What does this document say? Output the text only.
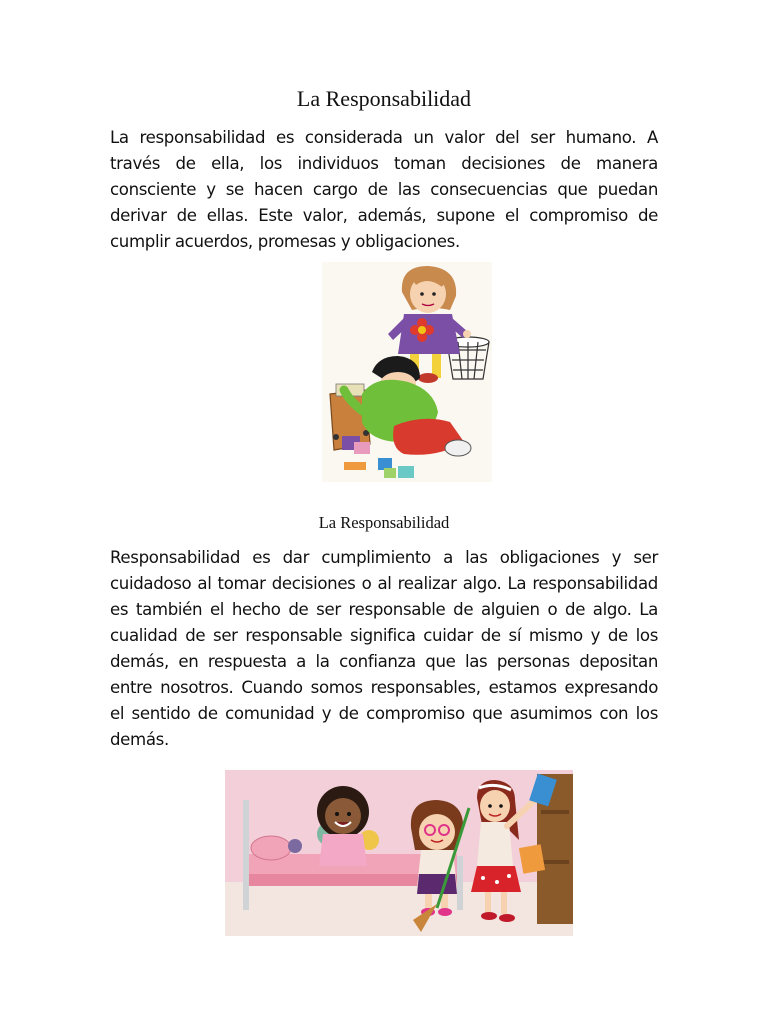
La Responsabilidad

La responsabilidad es considerada un valor del ser humano. A través de ella, los individuos toman decisiones de manera consciente y se hacen cargo de las consecuencias que puedan derivar de ellas. Este valor, además, supone el compromiso de cumplir acuerdos, promesas y obligaciones.

La Responsabilidad

Responsabilidad es dar cumplimiento a las obligaciones y ser cuidadoso al tomar decisiones o al realizar algo. La responsabilidad es también el hecho de ser responsable de alguien o de algo. La cualidad de ser responsable significa cuidar de sí mismo y de los demás, en respuesta a la confianza que las personas depositan entre nosotros. Cuando somos responsables, estamos expresando el sentido de comunidad y de compromiso que asumimos con los demás.
